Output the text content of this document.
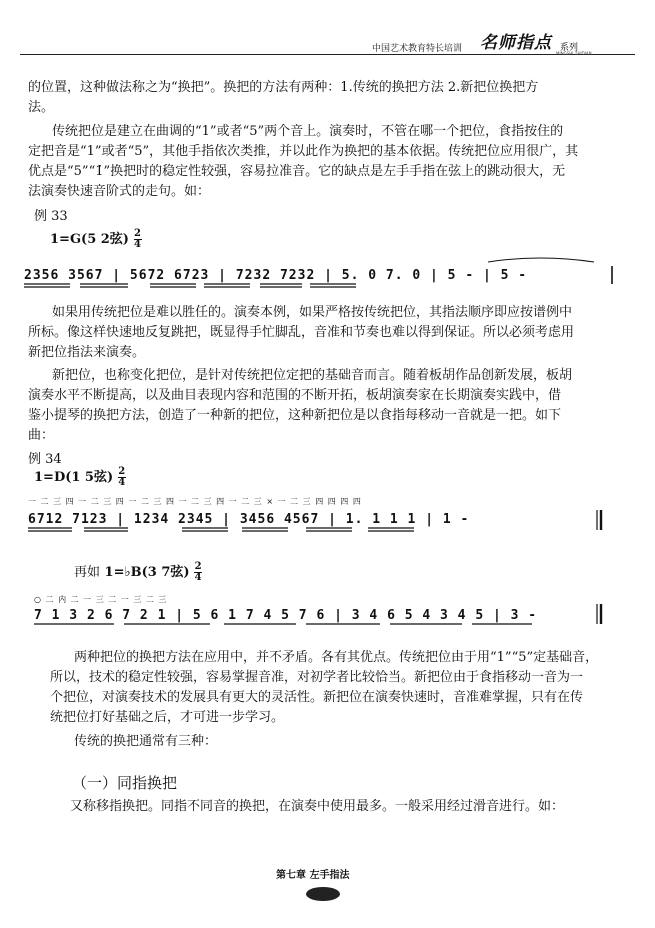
中国艺术教育特长培训 名师指点 系列
MINGSHI ZHIDIAN
的位置，这种做法称之为“换把”。换把的方法有两种：1.传统的换把方法 2.新把位换把方
法。
传统把位是建立在曲调的“1”或者“5”两个音上。演奏时，不管在哪一个把位，食指按住的
定把音是“1”或者“5”，其他手指依次类推，并以此作为换把的基本依据。传统把位应用很广，其
优点是“5”“1̇”换把时的稳定性较强，容易拉准音。它的缺点是左手手指在弦上的跳动很大，无
法演奏快速音阶式的走句。如：
例 33
1=G(5 2弦) $\frac{2}{4}$
2356 3567 | 5672 6723 | 7232 7232 | 5. 0 7. 0 | 5 - | 5 -
如果用传统把位是难以胜任的。演奏本例，如果严格按传统把位，其指法顺序即应按谱例中
所标。像这样快速地反复跳把，既显得手忙脚乱，音准和节奏也难以得到保证。所以必须考虑用
新把位指法来演奏。
新把位，也称变化把位，是针对传统把位定把的基础音而言。随着板胡作品创新发展，板胡
演奏水平不断提高，以及曲目表现内容和范围的不断开拓，板胡演奏家在长期演奏实践中，借
鉴小提琴的换把方法，创造了一种新的把位，这种新把位是以食指每移动一音就是一把。如下
曲：
例 34
1=D(1 5弦) $\frac{2}{4}$
一 二 三 四 一 二 三 四 一 二 三 四 一 二 三 四 一 二 三 × 一 二 三 四 四 四 四
6712 7123 | 1234 2345 | 3456 4567 | 1. 1 1 1 | 1 -
再如 1=♭B(3 7弦) $\frac{2}{4}$
○ 二 内 二 一 三 二 一 三 二 三
7 1 3 2 6 7 2 1 | 5 6 1 7 4 5 7 6 | 3 4 6 5 4 3 4 5 | 3 -
两种把位的换把方法在应用中，并不矛盾。各有其优点。传统把位由于用“1”“5”定基础音，
所以，技术的稳定性较强，容易掌握音准，对初学者比较恰当。新把位由于食指移动一音为一
个把位，对演奏技术的发展具有更大的灵活性。新把位在演奏快速时，音准难掌握，只有在传
统把位打好基础之后，才可进一步学习。
传统的换把通常有三种：
（一）同指换把
又称移指换把。同指不同音的换把，在演奏中使用最多。一般采用经过滑音进行。如：
第七章 左手指法
